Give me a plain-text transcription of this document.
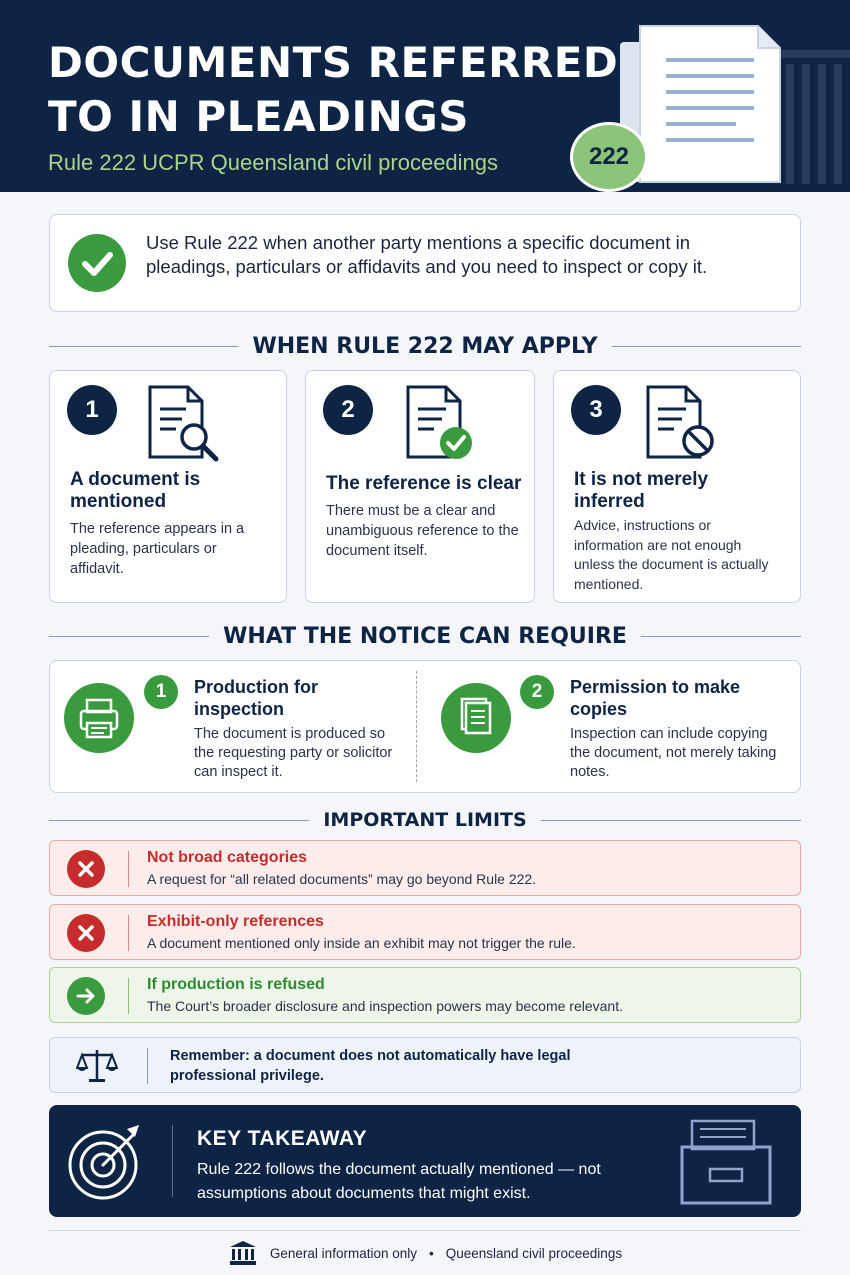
DOCUMENTS REFERRED
TO IN PLEADINGS
Rule 222 UCPR Queensland civil proceedings	222
Use Rule 222 when another party mentions a specific document in pleadings, particulars or affidavits and you need to inspect or copy it.
WHEN RULE 222 MAY APPLY
1
A document is mentioned
The reference appears in a pleading, particulars or affidavit.
2
The reference is clear
There must be a clear and unambiguous reference to the document itself.
3
It is not merely inferred
Advice, instructions or information are not enough unless the document is actually mentioned.
WHAT THE NOTICE CAN REQUIRE
1	Production for inspection
The document is produced so the requesting party or solicitor can inspect it.
2	Permission to make copies
Inspection can include copying the document, not merely taking notes.
IMPORTANT LIMITS
Not broad categories
A request for “all related documents” may go beyond Rule 222.
Exhibit-only references
A document mentioned only inside an exhibit may not trigger the rule.
If production is refused
The Court’s broader disclosure and inspection powers may become relevant.
Remember: a document does not automatically have legal professional privilege.
KEY TAKEAWAY
Rule 222 follows the document actually mentioned — not assumptions about documents that might exist.
General information only • Queensland civil proceedings
